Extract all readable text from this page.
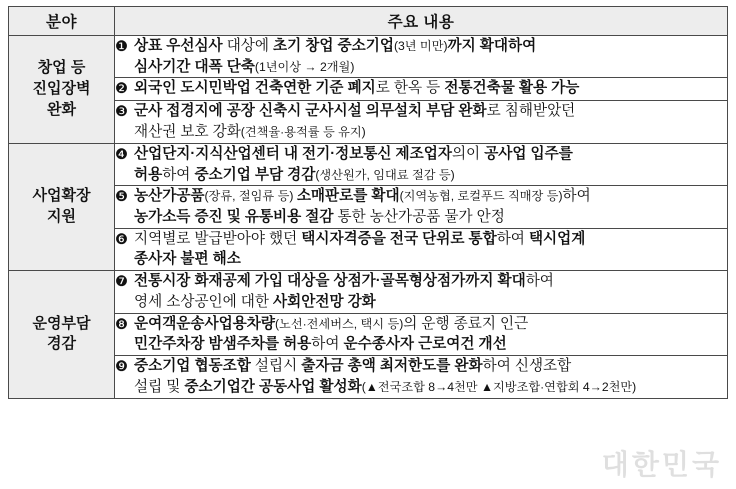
분야	주요 내용
창업 등
진입장벽
완화	❶ 상표 우선심사 대상에 초기 창업 중소기업(3년 미만)까지 확대하여
심사기간 대폭 단축(1년이상 → 2개월)

	❷ 외국인 도시민박업 건축연한 기준 폐지로 한옥 등 전통건축물 활용 가능

	❸ 군사 접경지에 공장 신축시 군사시설 의무설치 부담 완화로 침해받았던
재산권 보호 강화(견책율·용적률 등 유지)

사업확장
지원	❹ 산업단지·지식산업센터 내 전기·정보통신 제조업자의이 공사업 입주를
허용하여 중소기업 부담 경감(생산원가, 임대료 절감 등)

	❺ 농산가공품(장류, 절임류 등) 소매판로를 확대(지역농협, 로컬푸드 직매장 등)하여
농가소득 증진 및 유통비용 절감 통한 농산가공품 물가 안정

	❻ 지역별로 발급받아야 했던 택시자격증을 전국 단위로 통합하여 택시업계
종사자 불편 해소

운영부담
경감	❼ 전통시장 화재공제 가입 대상을 상점가·골목형상점가까지 확대하여
영세 소상공인에 대한 사회안전망 강화

	❽ 운여객운송사업용차량(노선·전세버스, 택시 등)의 운행 종료지 인근
민간주차장 밤샘주차를 허용하여 운수종사자 근로여건 개선

	❾ 중소기업 협동조합 설립시 출자금 총액 최저한도를 완화하여 신생조합
설립 및 중소기업간 공동사업 활성화(▲전국조합 8→4천만 ▲지방조합·연합회 4→2천만)
대한민국
